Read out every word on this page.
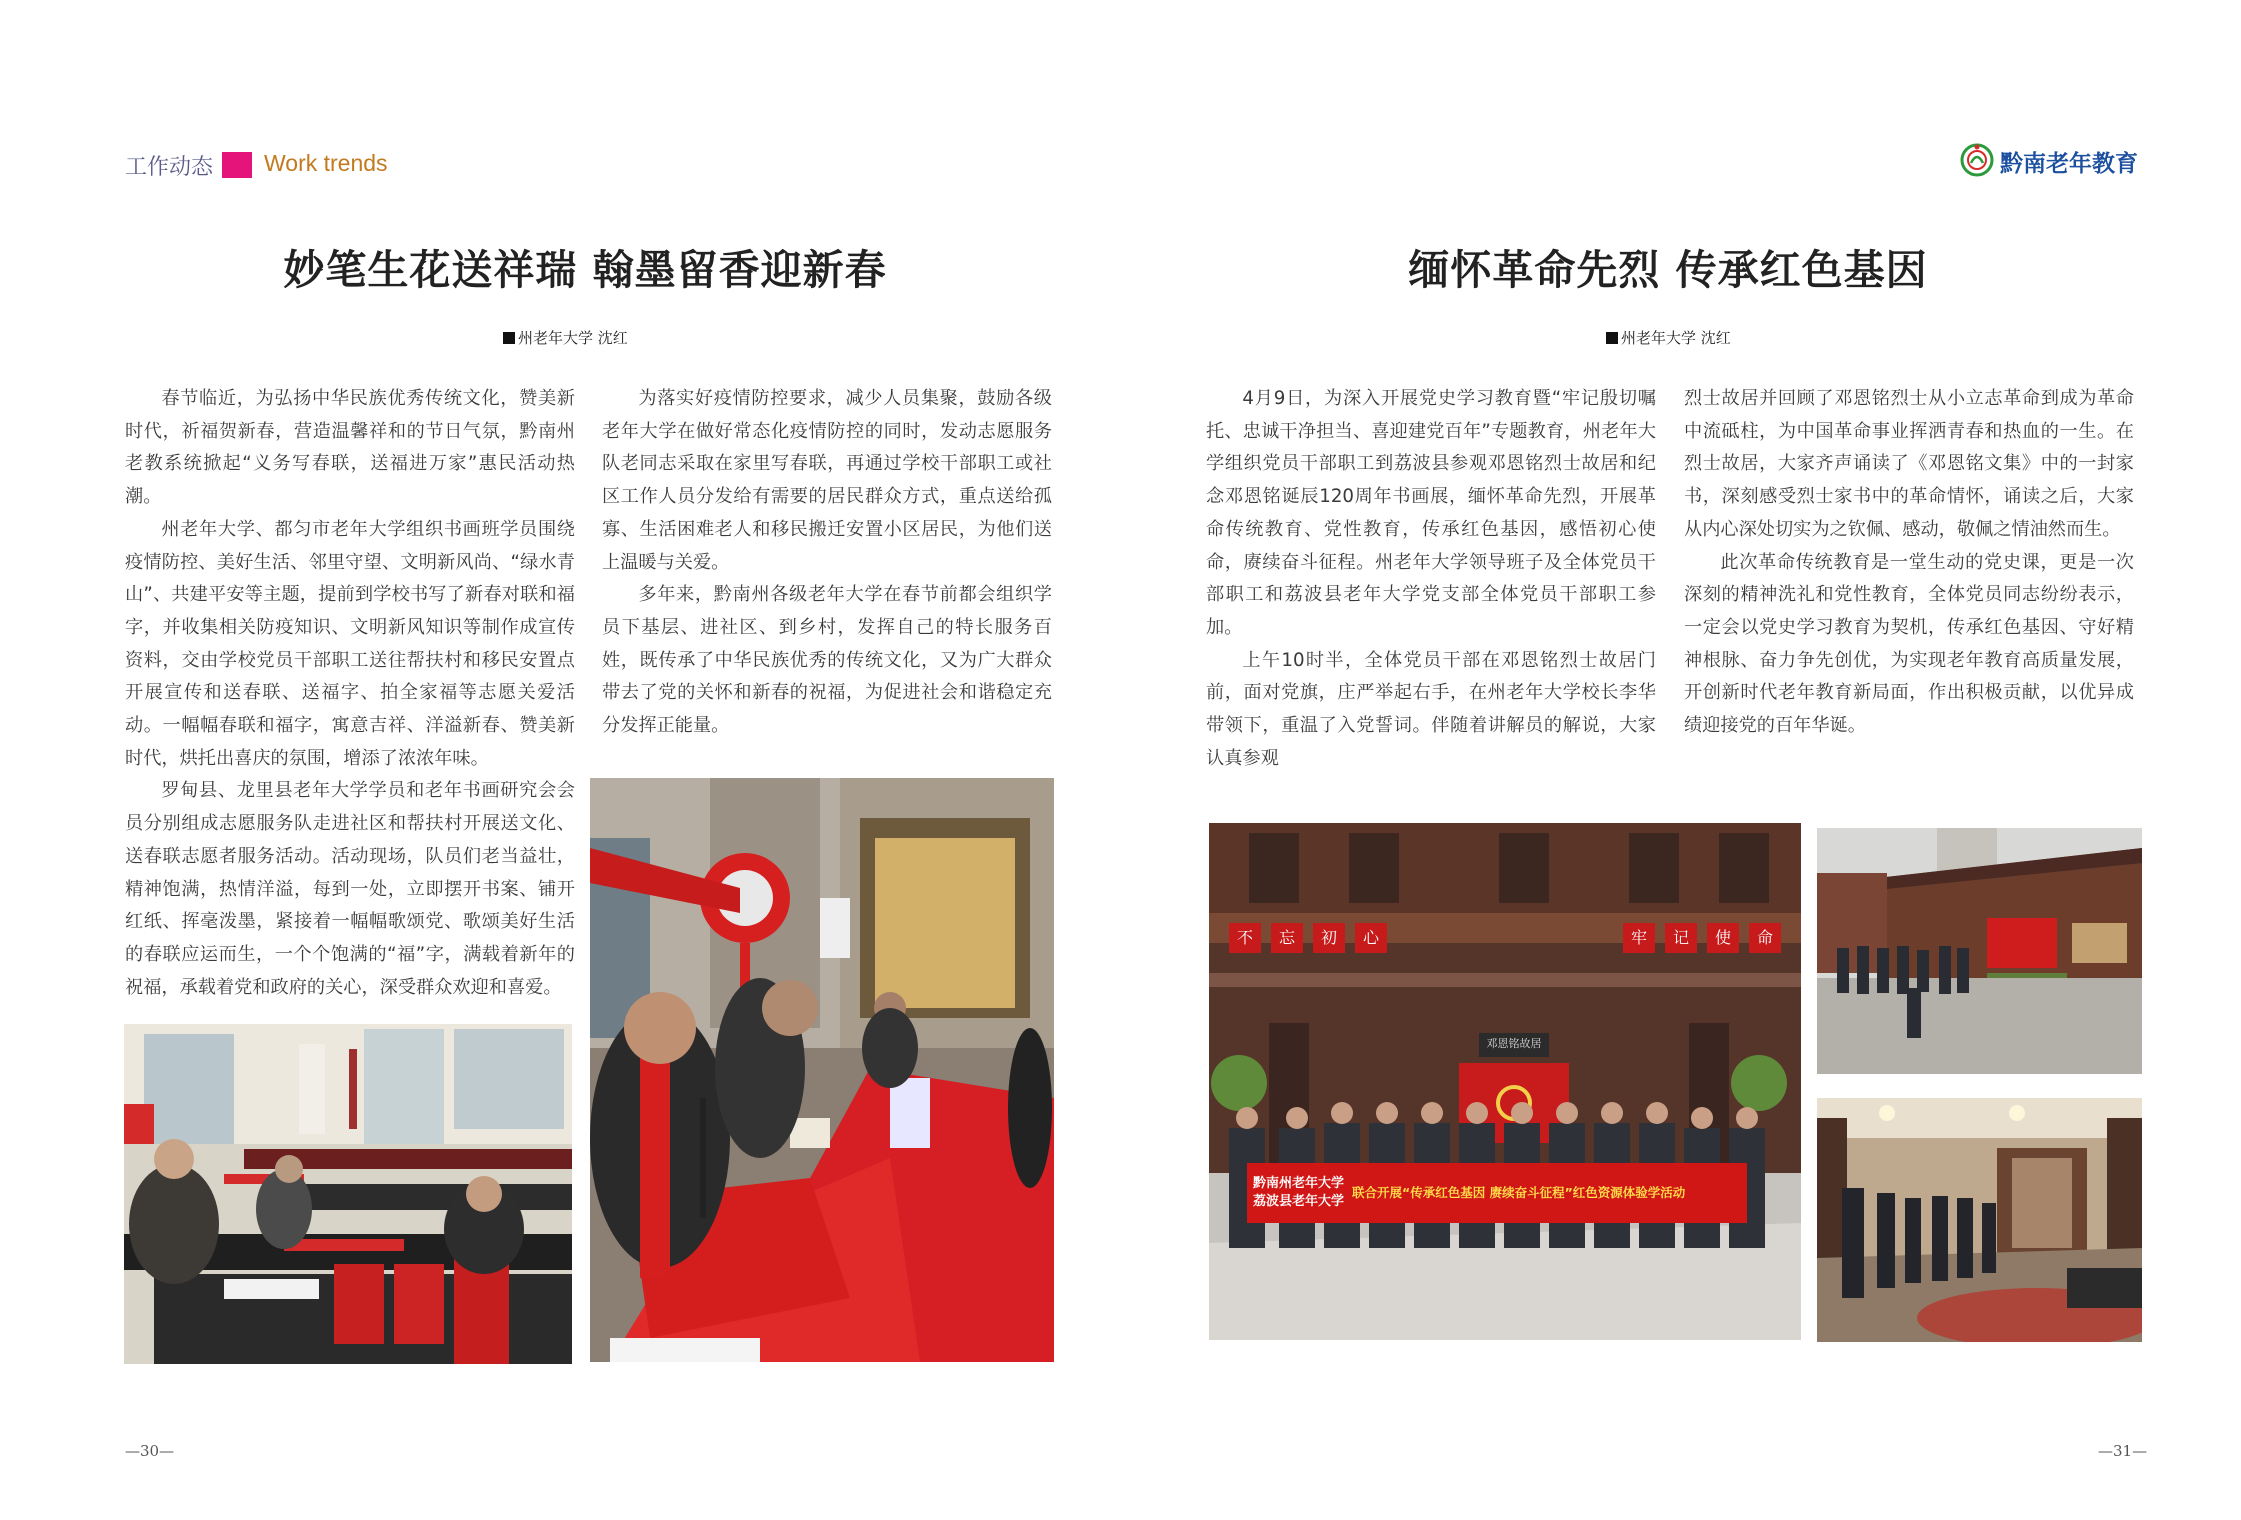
工作动态 Work trends	黔南老年教育
妙笔生花送祥瑞 翰墨留香迎新春
州老年大学 沈红

春节临近，为弘扬中华民族优秀传统文化，赞美新时代，祈福贺新春，营造温馨祥和的节日气氛，黔南州老教系统掀起“义务写春联，送福进万家”惠民活动热潮。

州老年大学、都匀市老年大学组织书画班学员围绕疫情防控、美好生活、邻里守望、文明新风尚、“绿水青山”、共建平安等主题，提前到学校书写了新春对联和福字，并收集相关防疫知识、文明新风知识等制作成宣传资料，交由学校党员干部职工送往帮扶村和移民安置点开展宣传和送春联、送福字、拍全家福等志愿关爱活动。一幅幅春联和福字，寓意吉祥、洋溢新春、赞美新时代，烘托出喜庆的氛围，增添了浓浓年味。

罗甸县、龙里县老年大学学员和老年书画研究会会员分别组成志愿服务队走进社区和帮扶村开展送文化、送春联志愿者服务活动。活动现场，队员们老当益壮，精神饱满，热情洋溢，每到一处，立即摆开书案、铺开红纸、挥毫泼墨，紧接着一幅幅歌颂党、歌颂美好生活的春联应运而生，一个个饱满的“福”字，满载着新年的祝福，承载着党和政府的关心，深受群众欢迎和喜爱。

为落实好疫情防控要求，减少人员集聚，鼓励各级老年大学在做好常态化疫情防控的同时，发动志愿服务队老同志采取在家里写春联，再通过学校干部职工或社区工作人员分发给有需要的居民群众方式，重点送给孤寡、生活困难老人和移民搬迁安置小区居民，为他们送上温暖与关爱。

多年来，黔南州各级老年大学在春节前都会组织学员下基层、进社区、到乡村，发挥自己的特长服务百姓，既传承了中华民族优秀的传统文化，又为广大群众带去了党的关怀和新春的祝福，为促进社会和谐稳定充分发挥正能量。

缅怀革命先烈 传承红色基因
州老年大学 沈红

4月9日，为深入开展党史学习教育暨“牢记殷切嘱托、忠诚干净担当、喜迎建党百年”专题教育，州老年大学组织党员干部职工到荔波县参观邓恩铭烈士故居和纪念邓恩铭诞辰120周年书画展，缅怀革命先烈，开展革命传统教育、党性教育，传承红色基因，感悟初心使命，赓续奋斗征程。州老年大学领导班子及全体党员干部职工和荔波县老年大学党支部全体党员干部职工参加。

上午10时半，全体党员干部在邓恩铭烈士故居门前，面对党旗，庄严举起右手，在州老年大学校长李华带领下，重温了入党誓词。伴随着讲解员的解说，大家认真参观

烈士故居并回顾了邓恩铭烈士从小立志革命到成为革命中流砥柱，为中国革命事业挥洒青春和热血的一生。在烈士故居，大家齐声诵读了《邓恩铭文集》中的一封家书，深刻感受烈士家书中的革命情怀，诵读之后，大家从内心深处切实为之钦佩、感动，敬佩之情油然而生。

此次革命传统教育是一堂生动的党史课，更是一次深刻的精神洗礼和党性教育，全体党员同志纷纷表示，一定会以党史学习教育为契机，传承红色基因、守好精神根脉、奋力争先创优，为实现老年教育高质量发展，开创新时代老年教育新局面，作出积极贡献，以优异成绩迎接党的百年华诞。

不	忘	初	心	牢	记	使	命
邓恩铭故居
黔南州老年大学
荔波县老年大学
联合开展“传承红色基因 赓续奋斗征程”红色资源体验学活动
—30—	—31—
